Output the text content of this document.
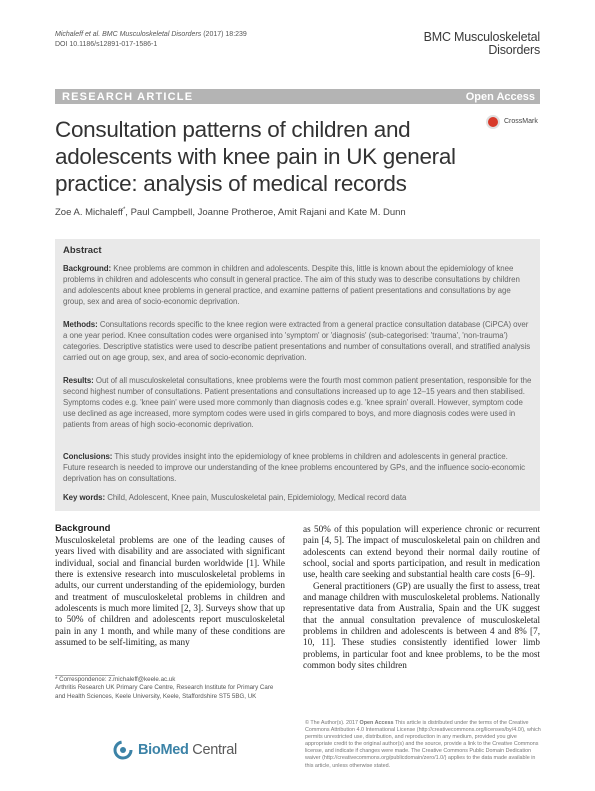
Michaleff et al. BMC Musculoskeletal Disorders (2017) 18:239
DOI 10.1186/s12891-017-1586-1
BMC Musculoskeletal
Disorders
RESEARCH ARTICLE	Open Access
Consultation patterns of children and adolescents with knee pain in UK general practice: analysis of medical records
CrossMark
Zoe A. Michaleff*, Paul Campbell, Joanne Protheroe, Amit Rajani and Kate M. Dunn
Abstract
Background: Knee problems are common in children and adolescents. Despite this, little is known about the epidemiology of knee problems in children and adolescents who consult in general practice. The aim of this study was to describe consultations by children and adolescents about knee problems in general practice, and examine patterns of patient presentations and consultations by age group, sex and area of socio-economic deprivation.
Methods: Consultations records specific to the knee region were extracted from a general practice consultation database (CiPCA) over a one year period. Knee consultation codes were organised into 'symptom' or 'diagnosis' (sub-categorised: 'trauma', 'non-trauma') categories. Descriptive statistics were used to describe patient presentations and number of consultations overall, and stratified analysis carried out on age group, sex, and area of socio-economic deprivation.
Results: Out of all musculoskeletal consultations, knee problems were the fourth most common patient presentation, responsible for the second highest number of consultations. Patient presentations and consultations increased up to age 12–15 years and then stabilised. Symptoms codes e.g. 'knee pain' were used more commonly than diagnosis codes e.g. 'knee sprain' overall. However, symptom code use declined as age increased, more symptom codes were used in girls compared to boys, and more diagnosis codes were used in patients from areas of high socio-economic deprivation.
Conclusions: This study provides insight into the epidemiology of knee problems in children and adolescents in general practice. Future research is needed to improve our understanding of the knee problems encountered by GPs, and the influence socio-economic deprivation has on consultations.
Key words: Child, Adolescent, Knee pain, Musculoskeletal pain, Epidemiology, Medical record data
Background
Musculoskeletal problems are one of the leading causes of years lived with disability and are associated with significant individual, social and financial burden worldwide [1]. While there is extensive research into musculoskeletal problems in adults, our current understanding of the epidemiology, burden and treatment of musculoskeletal problems in children and adolescents is much more limited [2, 3]. Surveys show that up to 50% of children and adolescents report musculoskeletal pain in any 1 month, and while many of these conditions are assumed to be self-limiting, as many
as 50% of this population will experience chronic or recurrent pain [4, 5]. The impact of musculoskeletal pain on children and adolescents can extend beyond their normal daily routine of school, social and sports participation, and result in medication use, health care seeking and substantial health care costs [6–9].
General practitioners (GP) are usually the first to assess, treat and manage children with musculoskeletal problems. Nationally representative data from Australia, Spain and the UK suggest that the annual consultation prevalence of musculoskeletal problems in children and adolescents is between 4 and 8% [7, 10, 11]. These studies consistently identified lower limb problems, in particular foot and knee problems, to be the most common body sites children
* Correspondence: z.michaleff@keele.ac.uk
Arthritis Research UK Primary Care Centre, Research Institute for Primary Care and Health Sciences, Keele University, Keele, Staffordshire ST5 5BG, UK
BioMed Central
© The Author(s). 2017 Open Access This article is distributed under the terms of the Creative Commons Attribution 4.0 International License (http://creativecommons.org/licenses/by/4.0/), which permits unrestricted use, distribution, and reproduction in any medium, provided you give appropriate credit to the original author(s) and the source, provide a link to the Creative Commons license, and indicate if changes were made. The Creative Commons Public Domain Dedication waiver (http://creativecommons.org/publicdomain/zero/1.0/) applies to the data made available in this article, unless otherwise stated.
